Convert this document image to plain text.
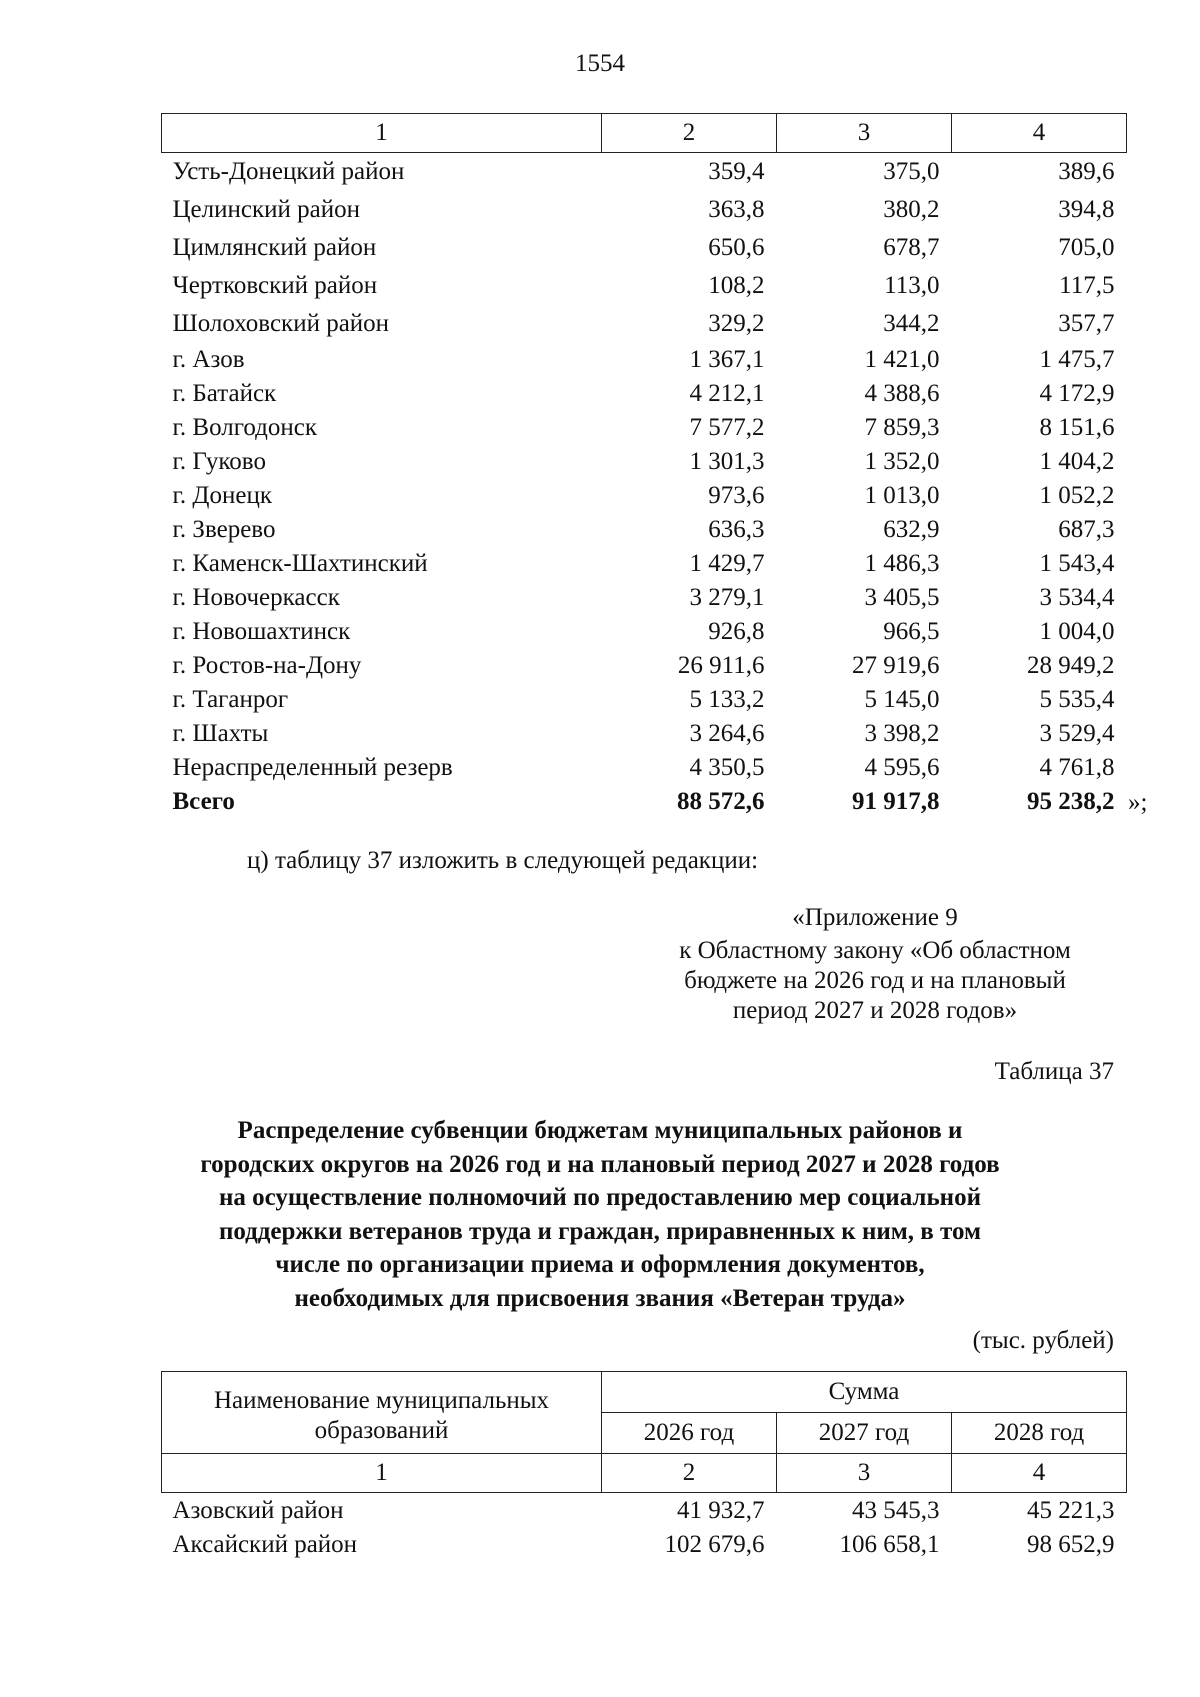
1554
1	2	3	4
Усть-Донецкий район	359,4	375,0	389,6
Целинский район	363,8	380,2	394,8
Цимлянский район	650,6	678,7	705,0
Чертковский район	108,2	113,0	117,5
Шолоховский район	329,2	344,2	357,7
г. Азов	1 367,1	1 421,0	1 475,7
г. Батайск	4 212,1	4 388,6	4 172,9
г. Волгодонск	7 577,2	7 859,3	8 151,6
г. Гуково	1 301,3	1 352,0	1 404,2
г. Донецк	973,6	1 013,0	1 052,2
г. Зверево	636,3	632,9	687,3
г. Каменск-Шахтинский	1 429,7	1 486,3	1 543,4
г. Новочеркасск	3 279,1	3 405,5	3 534,4
г. Новошахтинск	926,8	966,5	1 004,0
г. Ростов-на-Дону	26 911,6	27 919,6	28 949,2
г. Таганрог	5 133,2	5 145,0	5 535,4
г. Шахты	3 264,6	3 398,2	3 529,4
Нераспределенный резерв	4 350,5	4 595,6	4 761,8
Всего	88 572,6	91 917,8	95 238,2 »;
ц) таблицу 37 изложить в следующей редакции:
«Приложение 9
к Областному закону «Об областном
бюджете на 2026 год и на плановый
период 2027 и 2028 годов»
Таблица 37
Распределение субвенции бюджетам муниципальных районов и
городских округов на 2026 год и на плановый период 2027 и 2028 годов
на осуществление полномочий по предоставлению мер социальной
поддержки ветеранов труда и граждан, приравненных к ним, в том
числе по организации приема и оформления документов,
необходимых для присвоения звания «Ветеран труда»
(тыс. рублей)
Наименование муниципальных образований	Сумма		
	2026 год	2027 год	2028 год
1	2	3	4
Азовский район	41 932,7	43 545,3	45 221,3
Аксайский район	102 679,6	106 658,1	98 652,9
